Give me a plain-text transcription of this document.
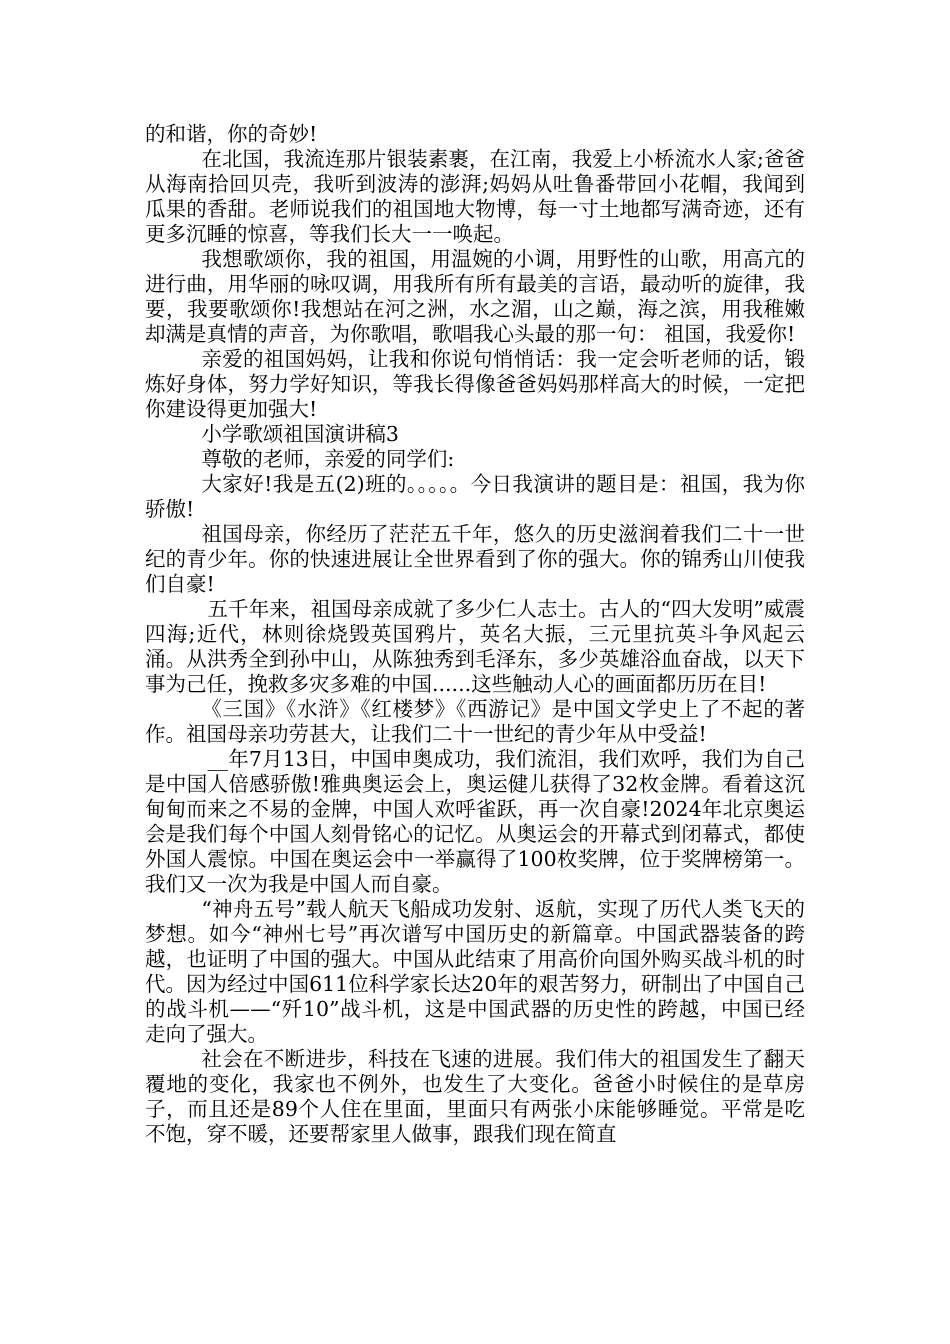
的和谐，你的奇妙!

在北国，我流连那片银装素裹，在江南，我爱上小桥流水人家;爸爸从海南拾回贝壳，我听到波涛的澎湃;妈妈从吐鲁番带回小花帽，我闻到瓜果的香甜。老师说我们的祖国地大物博，每一寸土地都写满奇迹，还有更多沉睡的惊喜，等我们长大一一唤起。

我想歌颂你，我的祖国，用温婉的小调，用野性的山歌，用高亢的进行曲，用华丽的咏叹调，用我所有所有最美的言语，最动听的旋律，我要，我要歌颂你!我想站在河之洲，水之湄，山之巅，海之滨，用我稚嫩却满是真情的声音，为你歌唱，歌唱我心头最的那一句： 祖国，我爱你!

亲爱的祖国妈妈，让我和你说句悄悄话：我一定会听老师的话，锻炼好身体，努力学好知识，等我长得像爸爸妈妈那样高大的时候，一定把你建设得更加强大!

小学歌颂祖国演讲稿3

尊敬的老师，亲爱的同学们:

大家好!我是五(2)班的。。。。。今日我演讲的题目是：祖国，我为你骄傲!

祖国母亲，你经历了茫茫五千年，悠久的历史滋润着我们二十一世纪的青少年。你的快速进展让全世界看到了你的强大。你的锦秀山川使我们自豪!

五千年来，祖国母亲成就了多少仁人志士。古人的“四大发明”威震四海;近代，林则徐烧毁英国鸦片，英名大振，三元里抗英斗争风起云涌。从洪秀全到孙中山，从陈独秀到毛泽东，多少英雄浴血奋战，以天下事为己任，挽救多灾多难的中国......这些触动人心的画面都历历在目!

《三国》《水浒》《红楼梦》《西游记》是中国文学史上了不起的著作。祖国母亲功劳甚大，让我们二十一世纪的青少年从中受益!

__年7月13日，中国申奥成功，我们流泪，我们欢呼，我们为自己是中国人倍感骄傲!雅典奥运会上，奥运健儿获得了32枚金牌。看着这沉甸甸而来之不易的金牌，中国人欢呼雀跃，再一次自豪!2024年北京奥运会是我们每个中国人刻骨铭心的记忆。从奥运会的开幕式到闭幕式，都使外国人震惊。中国在奥运会中一举赢得了100枚奖牌，位于奖牌榜第一。我们又一次为我是中国人而自豪。

“神舟五号”载人航天飞船成功发射、返航，实现了历代人类飞天的梦想。如今“神州七号”再次谱写中国历史的新篇章。中国武器装备的跨越，也证明了中国的强大。中国从此结束了用高价向国外购买战斗机的时代。因为经过中国611位科学家长达20年的艰苦努力，研制出了中国自己的战斗机——“歼10”战斗机，这是中国武器的历史性的跨越，中国已经走向了强大。

社会在不断进步，科技在飞速的进展。我们伟大的祖国发生了翻天覆地的变化，我家也不例外，也发生了大变化。爸爸小时候住的是草房子，而且还是89个人住在里面，里面只有两张小床能够睡觉。平常是吃不饱，穿不暖，还要帮家里人做事，跟我们现在简直
